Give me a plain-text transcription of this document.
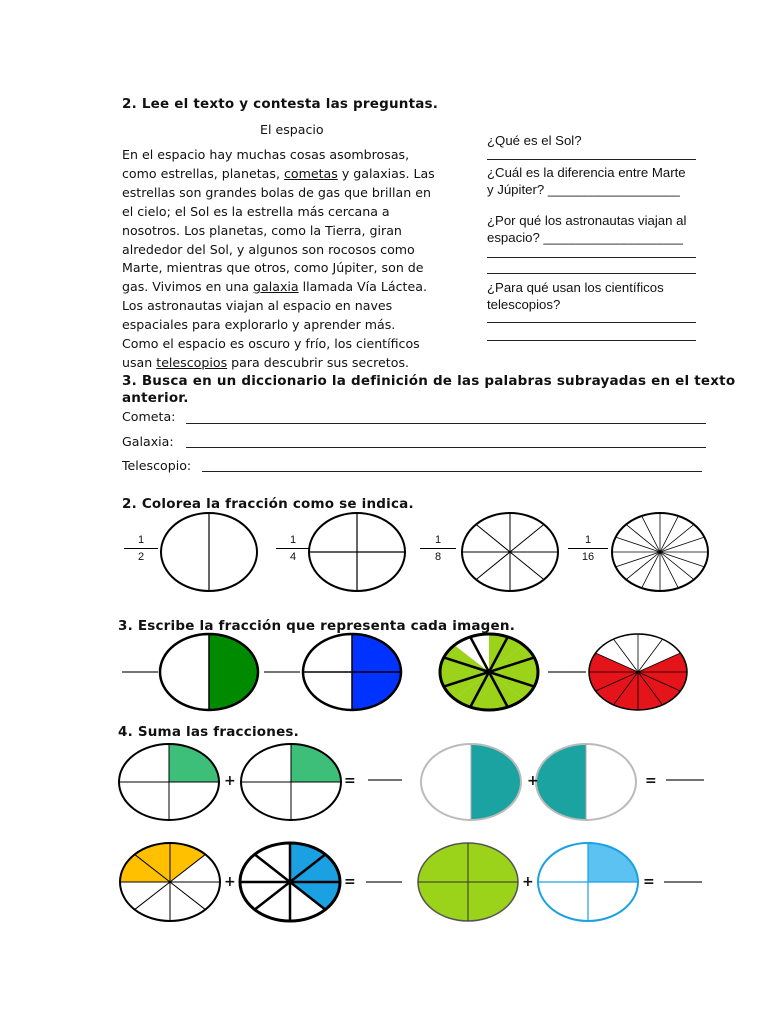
2. Lee el texto y contesta las preguntas.
El espacio
En el espacio hay muchas cosas asombrosas,
como estrellas, planetas, cometas y galaxias. Las
estrellas son grandes bolas de gas que brillan en
el cielo; el Sol es la estrella más cercana a
nosotros. Los planetas, como la Tierra, giran
alrededor del Sol, y algunos son rocosos como
Marte, mientras que otros, como Júpiter, son de
gas. Vivimos en una galaxia llamada Vía Láctea.
Los astronautas viajan al espacio en naves
espaciales para explorarlo y aprender más.
Como el espacio es oscuro y frío, los científicos
usan telescopios para descubrir sus secretos.
¿Qué es el Sol?
¿Cuál es la diferencia entre Marte
y Júpiter? __________________
¿Por qué los astronautas viajan al
espacio? ___________________
¿Para qué usan los científicos
telescopios?
3. Busca en un diccionario la definición de las palabras subrayadas en el texto
anterior.
Cometa:
Galaxia:
Telescopio:
2. Colorea la fracción como se indica.
1
2
1
4
1
8
1
16
3. Escribe la fracción que representa cada imagen.
4. Suma las fracciones.
+	=	+	=
+	=	+	=
